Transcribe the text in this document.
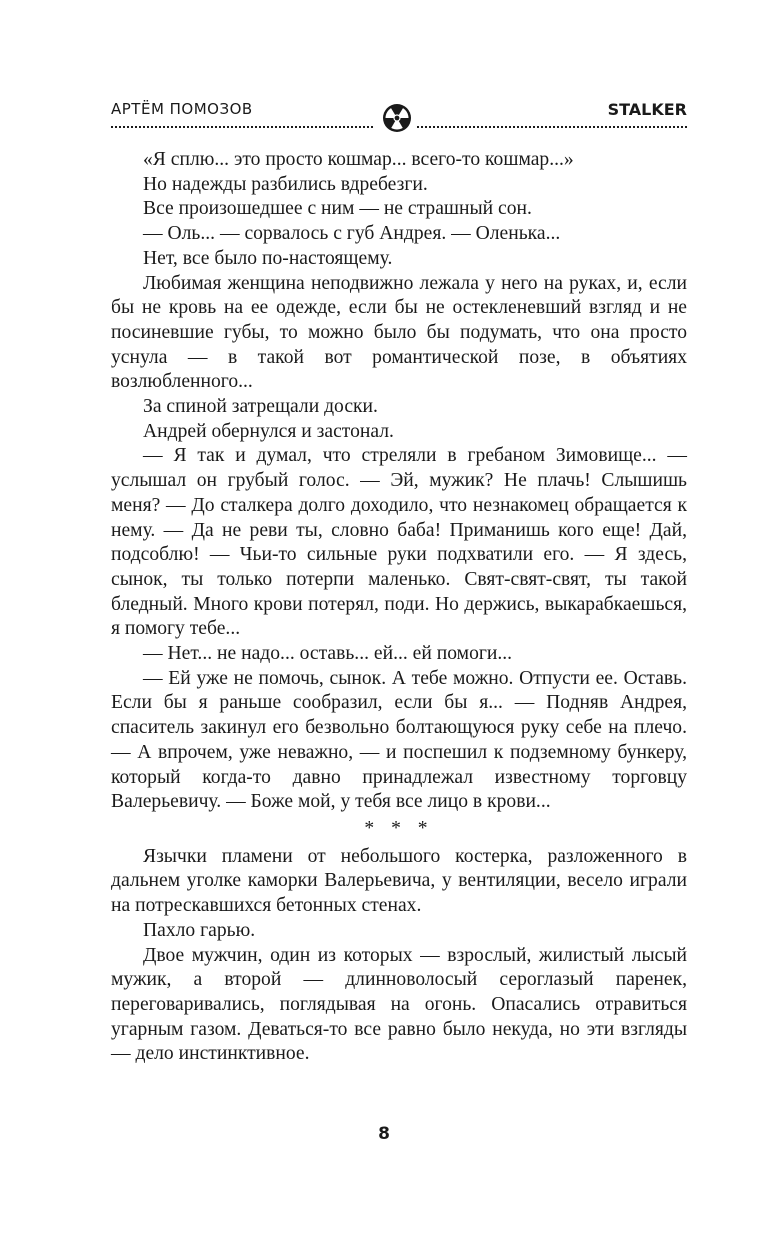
АРТЁМ ПОМОЗОВ	STALKER

«Я сплю... это просто кошмар... всего-то кошмар...»

Но надежды разбились вдребезги.

Все произошедшее с ним — не страшный сон.

— Оль... — сорвалось с губ Андрея. — Оленька...

Нет, все было по-настоящему.

Любимая женщина неподвижно лежала у него на руках, и, если бы не кровь на ее одежде, если бы не остекленевший взгляд и не посиневшие губы, то можно было бы подумать, что она просто уснула — в такой вот романтической позе, в объятиях возлюбленного...

За спиной затрещали доски.

Андрей обернулся и застонал.

— Я так и думал, что стреляли в гребаном Зимовище... — услышал он грубый голос. — Эй, мужик? Не плачь! Слышишь меня? — До сталкера долго доходило, что незнакомец обращается к нему. — Да не реви ты, словно баба! Приманишь кого еще! Дай, подсоблю! — Чьи-то сильные руки подхватили его. — Я здесь, сынок, ты только потерпи маленько. Свят-свят-свят, ты такой бледный. Много крови потерял, поди. Но держись, выкарабкаешься, я помогу тебе...

— Нет... не надо... оставь... ей... ей помоги...

— Ей уже не помочь, сынок. А тебе можно. Отпусти ее. Оставь. Если бы я раньше сообразил, если бы я... — Подняв Андрея, спаситель закинул его безвольно болтающуюся руку себе на плечо. — А впрочем, уже неважно, — и поспешил к подземному бункеру, который когда-то давно принадлежал известному торговцу Валерьевичу. — Боже мой, у тебя все лицо в крови...

* * *

Язычки пламени от небольшого костерка, разложенного в дальнем уголке каморки Валерьевича, у вентиляции, весело играли на потрескавшихся бетонных стенах.

Пахло гарью.

Двое мужчин, один из которых — взрослый, жилистый лысый мужик, а второй — длинноволосый сероглазый паренек, переговаривались, поглядывая на огонь. Опасались отравиться угарным газом. Деваться-то все равно было некуда, но эти взгляды — дело инстинктивное.

8
